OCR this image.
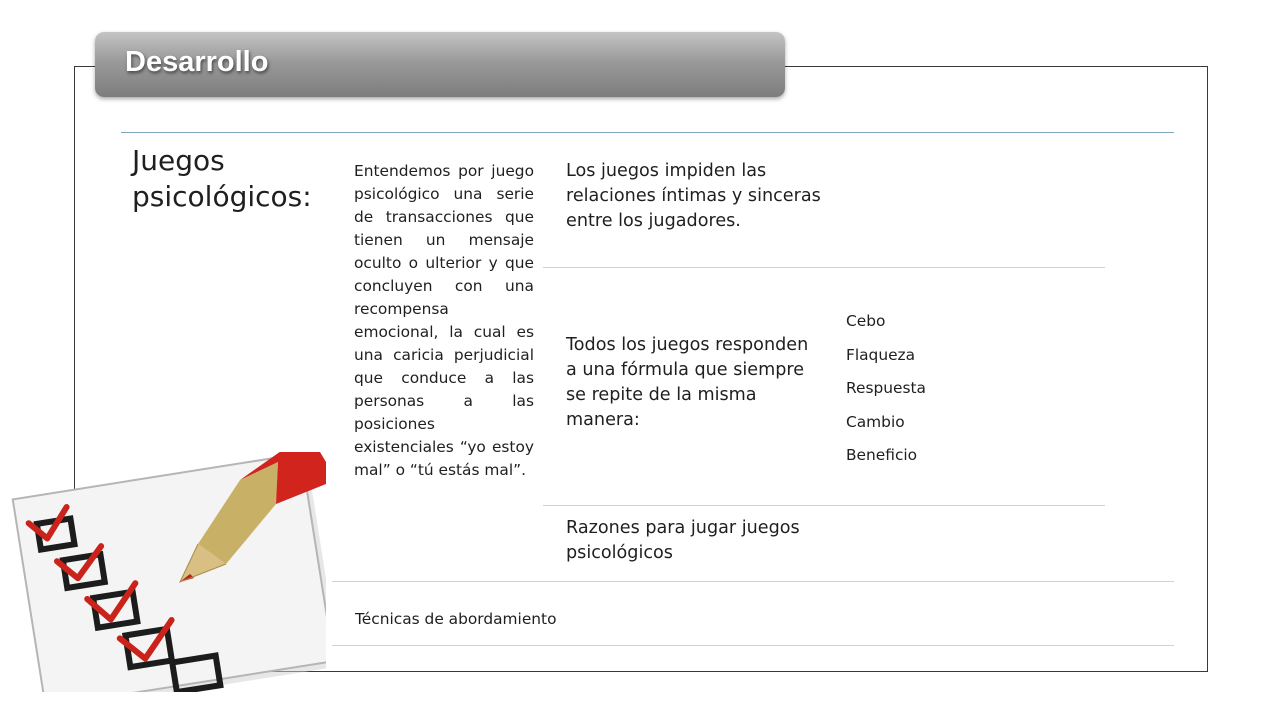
Desarrollo
Juegos psicológicos:
Entendemos por juego psicológico una serie de transacciones que tienen un mensaje oculto o ulterior y que concluyen con una recompensa emocional, la cual es una caricia perjudicial que conduce a las personas a las posiciones existenciales “yo estoy mal” o “tú estás mal”.
Los juegos impiden las relaciones íntimas y sinceras entre los jugadores.
Todos los juegos responden a una fórmula que siempre se repite de la misma manera:
Razones para jugar juegos psicológicos
Cebo
Flaqueza
Respuesta
Cambio
Beneficio
Técnicas de abordamiento
